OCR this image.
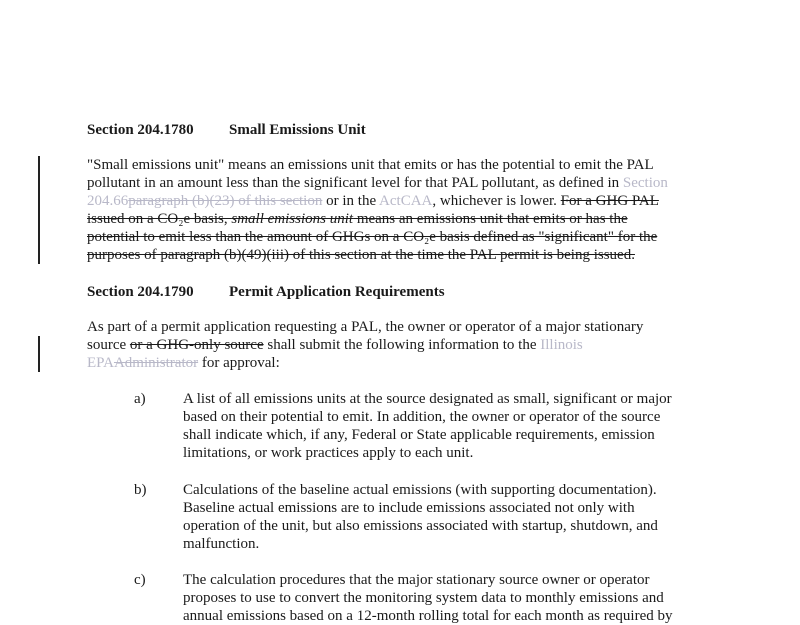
Section 204.1780 Small Emissions Unit
"Small emissions unit" means an emissions unit that emits or has the potential to emit the PAL
pollutant in an amount less than the significant level for that PAL pollutant, as defined in Section
204.66paragraph (b)(23) of this section or in the ActCAA, whichever is lower. For a GHG PAL
issued on a CO₂e basis, small emissions unit means an emissions unit that emits or has the
potential to emit less than the amount of GHGs on a CO₂e basis defined as "significant" for the
purposes of paragraph (b)(49)(iii) of this section at the time the PAL permit is being issued.
Section 204.1790 Permit Application Requirements
As part of a permit application requesting a PAL, the owner or operator of a major stationary
source or a GHG-only source shall submit the following information to the Illinois
EPAAdministrator for approval:
a) A list of all emissions units at the source designated as small, significant or major
based on their potential to emit. In addition, the owner or operator of the source
shall indicate which, if any, Federal or State applicable requirements, emission
limitations, or work practices apply to each unit.
b) Calculations of the baseline actual emissions (with supporting documentation).
Baseline actual emissions are to include emissions associated not only with
operation of the unit, but also emissions associated with startup, shutdown, and
malfunction.
c) The calculation procedures that the major stationary source owner or operator
proposes to use to convert the monitoring system data to monthly emissions and
annual emissions based on a 12-month rolling total for each month as required by
